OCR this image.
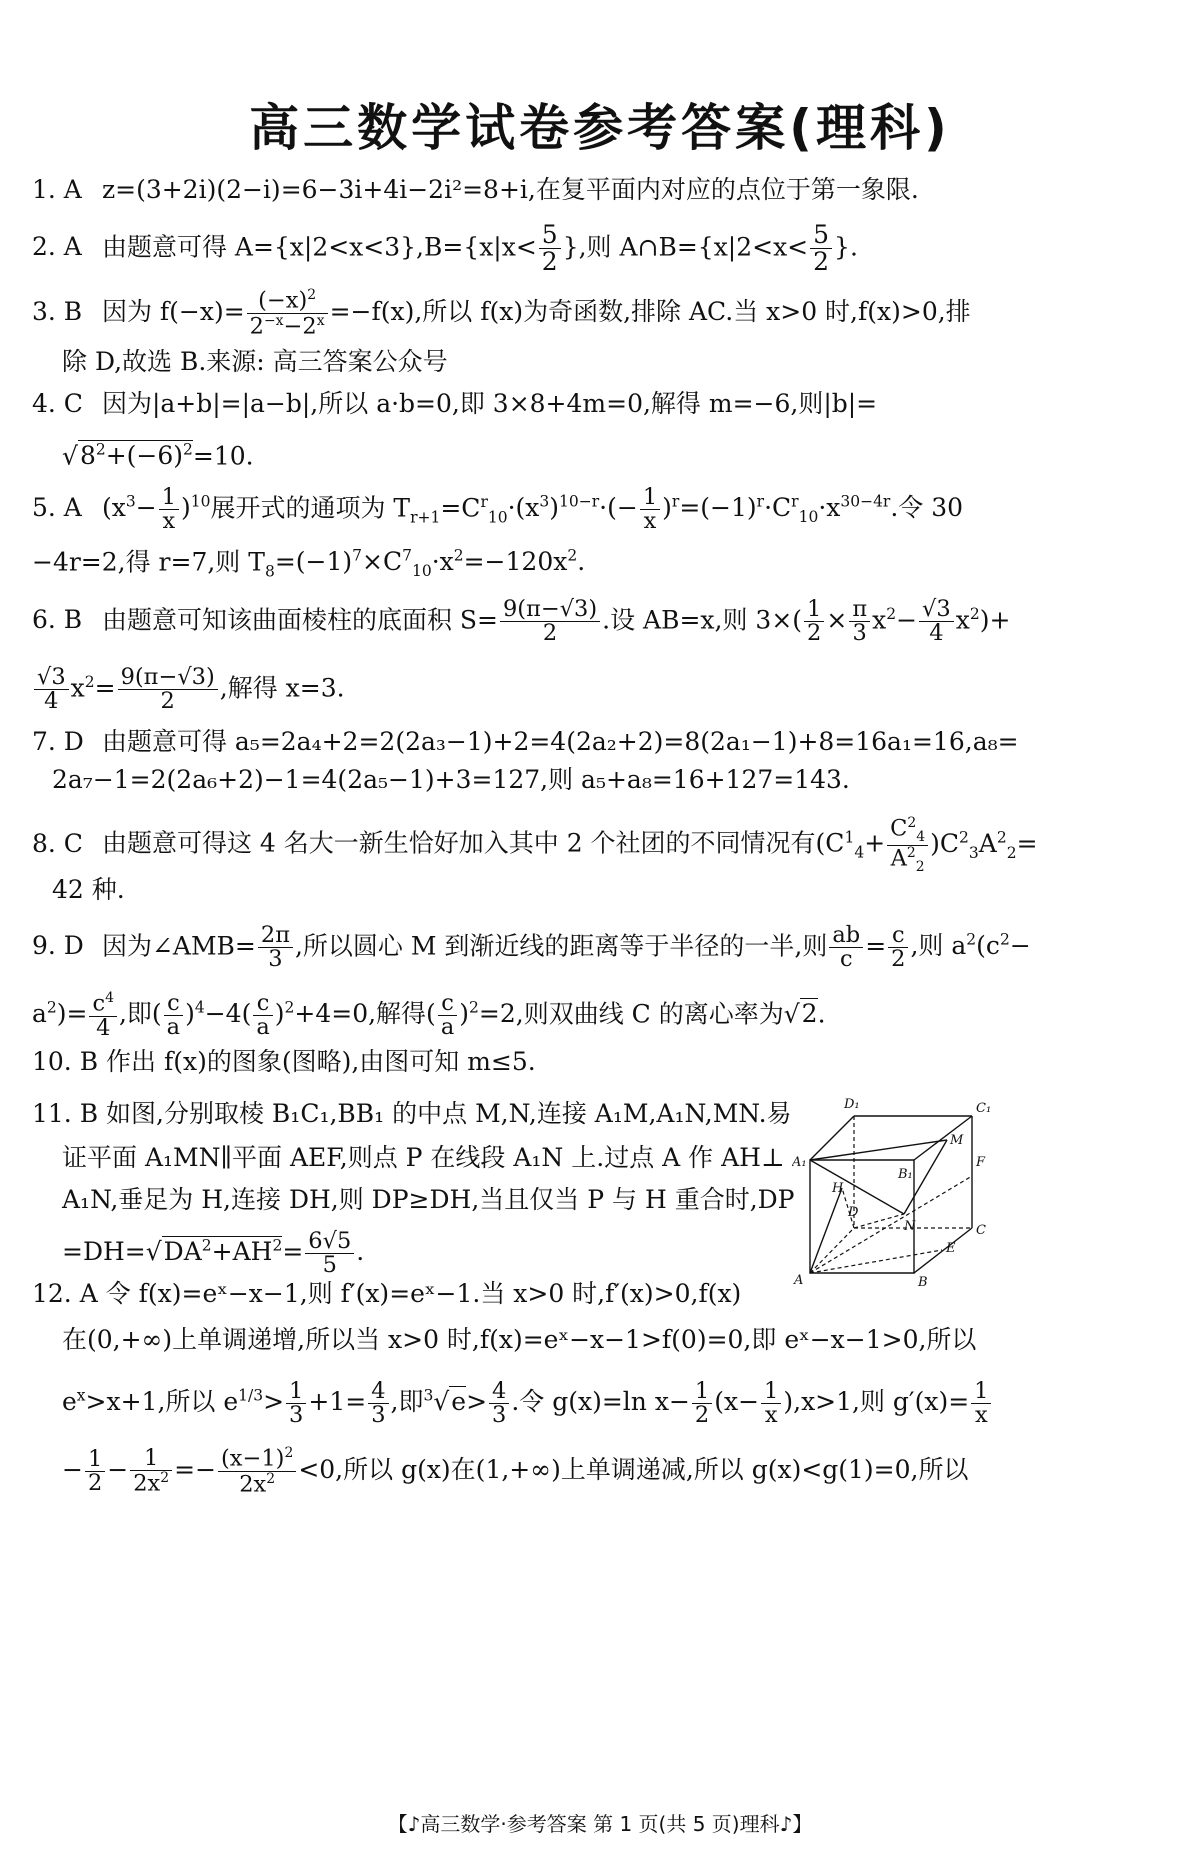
高三数学试卷参考答案(理科)
1. A z=(3+2i)(2−i)=6−3i+4i−2i²=8+i,在复平面内对应的点位于第一象限.
2. A 由题意可得 $A=\{x|2<x<3\},B=\{x|x< \frac{5}{2}$ },则 A∩B={x|2<x< $\frac{5}{2}$ }.
3. B 因为 $f(-x)= \frac{(-x)^2}{2^{-x}-2^x} =-f(x)$,所以 f(x)为奇函数,排除 AC.当 x>0 时,f(x)>0,排
除 D,故选 B.来源: 高三答案公众号
4. C 因为|a+b|=|a−b|,所以 a·b=0,即 3×8+4m=0,解得 m=−6,则|b|=
$√8^2+(-6)^2=10$.
5. A $(x^3- \frac{1}{x} )^{10}$展开式的通项为 $T_{r+1}=C^r_{10}\cdot(x^3)^{10-r}\cdot(- \frac{1}{x} )^r=(-1)^r\cdot C^r_{10}\cdot x^{30-4r}$.令 30
−4r=2,得 r=7,则 $T_8=(-1)^7\times C^7_{10}\cdot x^2=-120x^2$.
6. B 由题意可知该曲面棱柱的底面积 $S= \frac{9(\pi-√3)}{2}$ .设 AB=x,则 $3\times( \frac{1}{2} \times \frac{\pi}{3} x^2- \frac{√3}{4} x^2)+$
$\frac{√3}{4} x^2= \frac{9(\pi-√3)}{2}$ ,解得 x=3.
7. D 由题意可得 a₅=2a₄+2=2(2a₃−1)+2=4(2a₂+2)=8(2a₁−1)+8=16a₁=16,a₈=
2a₇−1=2(2a₆+2)−1=4(2a₅−1)+3=127,则 a₅+a₈=16+127=143.
8. C 由题意可得这 4 名大一新生恰好加入其中 2 个社团的不同情况有$(C^1_4+ \frac{C^2_4}{A^2_2} )C^2_3A^2_2=$
42 种.
9. D 因为∠AMB= $\frac{2\pi}{3}$ ,所以圆心 M 到渐近线的距离等于半径的一半,则 $\frac{ab}{c} = \frac{c}{2}$ ,则 $a^2(c^2-$
$a^2)= \frac{c^4}{4}$ ,即( $\frac{c}{a} )^4-4( \frac{c}{a} )^2+4=0$,解得( $\frac{c}{a} )^2=2$,则双曲线 C 的离心率为√2.
10. B 作出 f(x)的图象(图略),由图可知 m≤5.
11. B 如图,分别取棱 B₁C₁,BB₁ 的中点 M,N,连接 A₁M,A₁N,MN.易
证平面 A₁MN∥平面 AEF,则点 P 在线段 A₁N 上.过点 A 作 AH⊥
A₁N,垂足为 H,连接 DH,则 DP≥DH,当且仅当 P 与 H 重合时,DP
$=DH=√DA^2+AH^2= \frac{6√5}{5}$ .
D₁	C₁
A₁
B₁
M
F
H
D
N	C
E
A	B
12. A 令 f(x)=eˣ−x−1,则 f′(x)=eˣ−1.当 x>0 时,f′(x)>0,f(x)
在(0,+∞)上单调递增,所以当 x>0 时,f(x)=eˣ−x−1>f(0)=0,即 eˣ−x−1>0,所以
$e^x>x+1$,所以 $e^{1/3}> \frac{1}{3} +1= \frac{4}{3}$ ,即$^3√e> \frac{4}{3}$ .令 g(x)=ln $x- \frac{1}{2} (x- \frac{1}{x} ),x>1$,则 $g'(x)= \frac{1}{x}$
− $\frac{1}{2} - \frac{1}{2x^2} =- \frac{(x-1)^2}{2x^2} <0$,所以 g(x)在(1,+∞)上单调递减,所以 g(x)<g(1)=0,所以
【♪高三数学·参考答案 第 1 页(共 5 页)理科♪】
